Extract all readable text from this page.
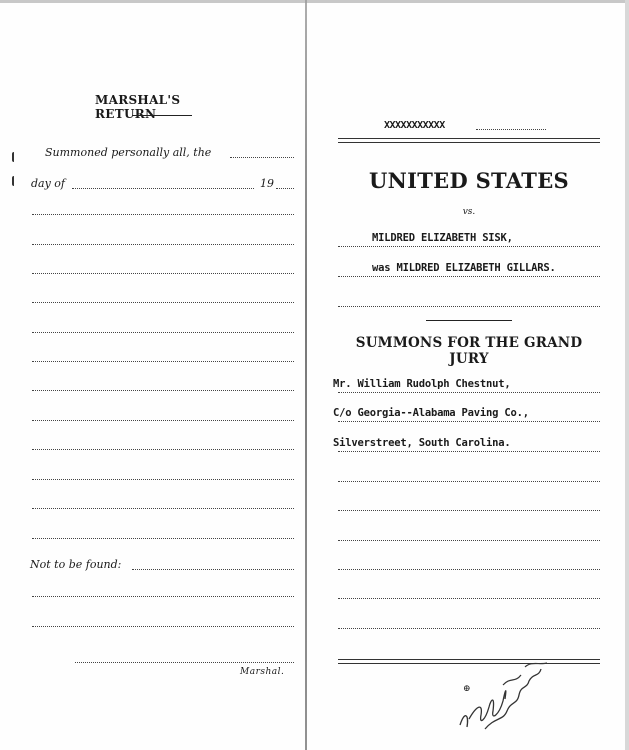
MARSHAL'S RETURN
Summoned personally all, the
day of	19
Not to be found:
Marshal.
XXXXXXXXXXX
UNITED STATES
vs.
MILDRED ELIZABETH SISK,
was MILDRED ELIZABETH GILLARS.
SUMMONS FOR THE GRAND JURY
Mr. William Rudolph Chestnut,
C/o Georgia--Alabama Paving Co.,
Silverstreet, South Carolina.
⊕
